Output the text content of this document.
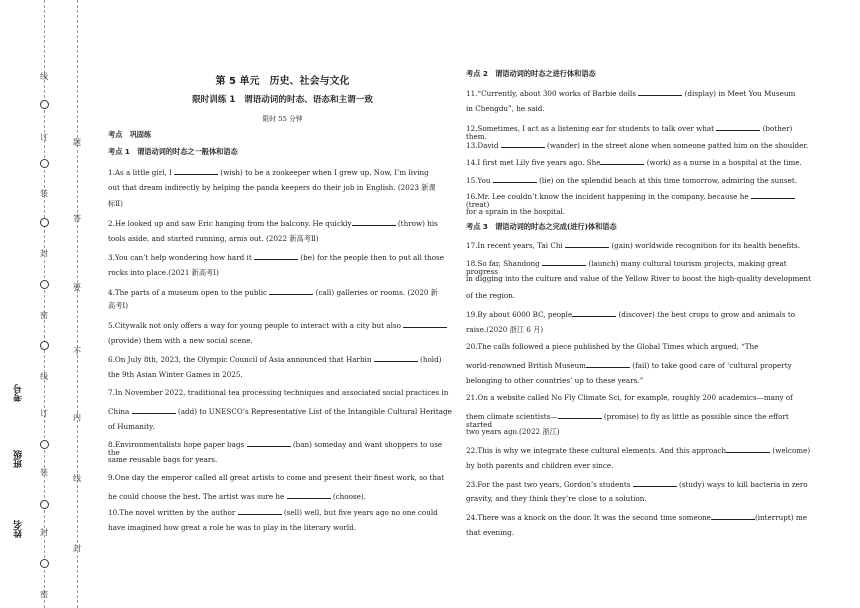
线
订
装
封
密
线
订
装
封
密
题
答
要
不
内
线
封
考号
班级
姓名
第 5 单元　历史、社会与文化
限时训练 1　谓语动词的时态、语态和主谓一致
限时 55 分钟
考点　巩固练
考点 1　谓语动词的时态之一般体和语态
1.As a little girl, I	(wish) to be a zookeeper when I grew up. Now, I’m living
out that dream indirectly by helping the panda keepers do their job in English. (2023 新课
标Ⅱ)
2.He looked up and saw Eric hanging from the balcony. He quickly	(throw) his
tools aside, and started running, arms out. (2022 新高考Ⅱ)
3.You can’t help wondering how hard it	(be) for the people then to put all those
rocks into place.(2021 新高考Ⅰ)
4.The parts of a museum open to the public	(call) galleries or rooms. (2020 新
高考Ⅰ)
5.Citywalk not only offers a way for young people to interact with a city but also
(provide) them with a new social scene.
6.On July 8th, 2023, the Olympic Council of Asia announced that Harbin	(hold)
the 9th Asian Winter Games in 2025.
7.In November 2022, traditional tea processing techniques and associated social practices in
China	(add) to UNESCO’s Representative List of the Intangible Cultural Heritage
of Humanity.
8.Environmentalists hope paper bags	(ban) someday and want shoppers to use the
same reusable bags for years.
9.One day the emperor called all great artists to come and present their finest work, so that
he could choose the best. The artist was sure he	(choose).
10.The novel written by the author	(sell) well, but five years ago no one could
have imagined how great a role he was to play in the literary world.
考点 2　谓语动词的时态之进行体和语态
11.“Currently, about 300 works of Barbie dolls	(display) in Meet You Museum
in Chengdu”, he said.
12.Sometimes, I act as a listening ear for students to talk over what	(bother) them.
13.David	(wander) in the street alone when someone patted him on the shoulder.
14.I first met Lily five years ago. She	(work) as a nurse in a hospital at the time.
15.You	(lie) on the splendid beach at this time tomorrow, admiring the sunset.
16.Mr. Lee couldn’t know the incident happening in the company, because he  (treat)
for a sprain in the hospital.
考点 3　谓语动词的时态之完成(进行)体和语态
17.In recent years, Tai Chi	(gain) worldwide recognition for its health benefits.
18.So far, Shandong	(launch) many cultural tourism projects, making great progress
in digging into the culture and value of the Yellow River to boost the high-quality development
of the region.
19.By about 6000 BC, people	(discover) the best crops to grow and animals to
raise.(2020 浙江 6 月)
20.The calls followed a piece published by the Global Times which argued, “The
world-renowned British Museum	(fail) to take good care of ‘cultural property
belonging to other countries’ up to these years.”
21.On a website called No Fly Climate Sci, for example, roughly 200 academics—many of
them climate scientists—	(promise) to fly as little as possible since the effort started
two years ago.(2022 浙江)
22.This is why we integrate these cultural elements. And this approach	(welcome)
by both parents and children ever since.
23.For the past two years, Gordon’s students	(study) ways to kill bacteria in zero
gravity, and they think they’re close to a solution.
24.There was a knock on the door. It was the second time someone	(interrupt) me
that evening.
